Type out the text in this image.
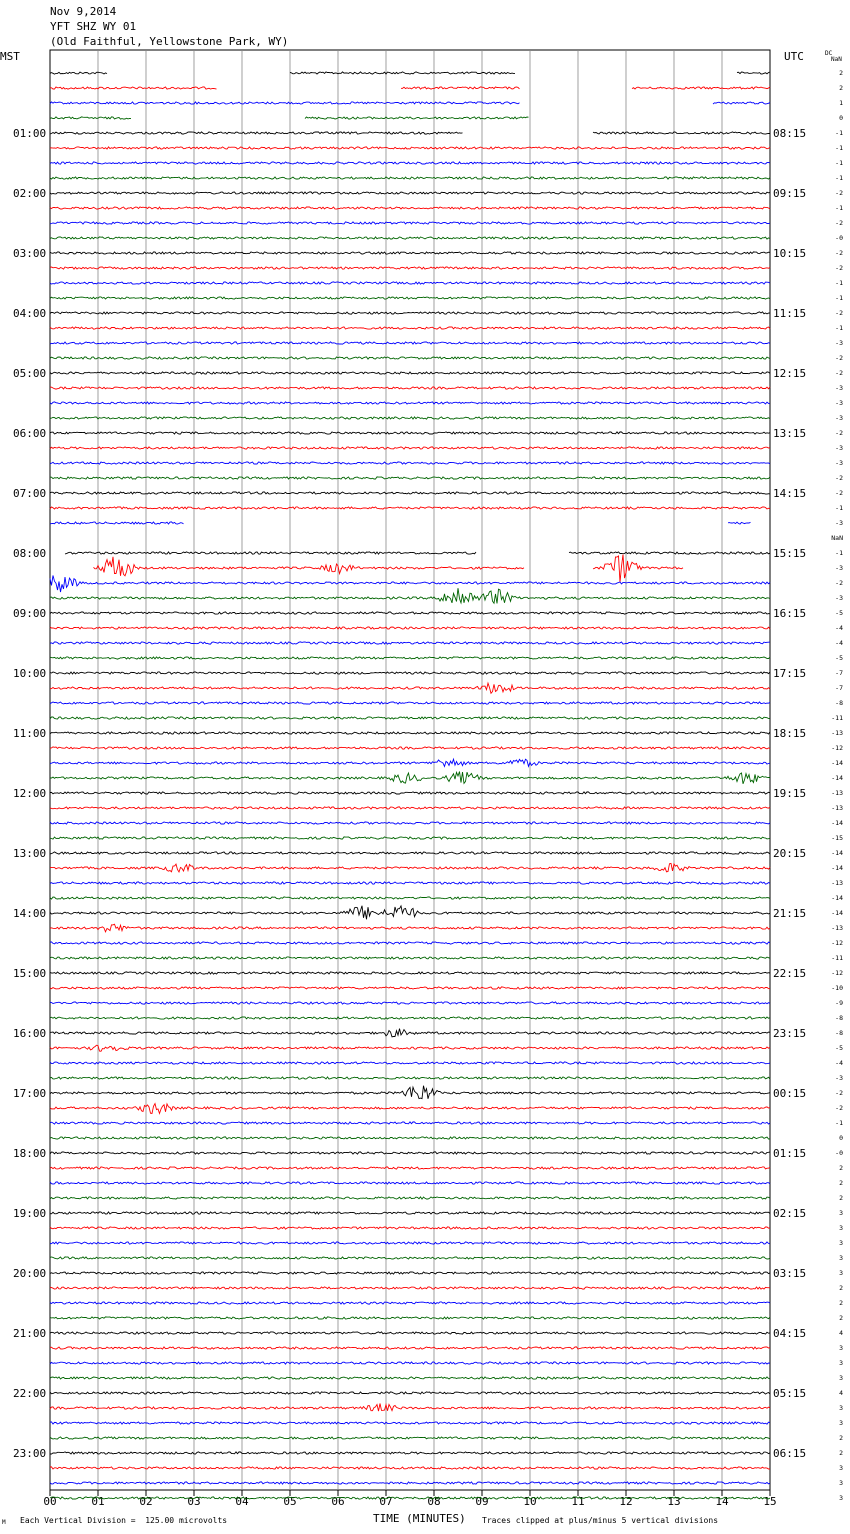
Nov 9,2014
YFT SHZ WY 01
(Old Faithful, Yellowstone Park, WY)
MST	UTC	DC
NaN
00	01	02	03	04	05	06	07	08	09	10	11	12	13	14	15
01:00	08:15
02:00	09:15
03:00	10:15
04:00	11:15
05:00	12:15
06:00	13:15
07:00	14:15
08:00	15:15
09:00	16:15
10:00	17:15
11:00	18:15
12:00	19:15
13:00	20:15
14:00	21:15
15:00	22:15
16:00	23:15
17:00	00:15
18:00	01:15
19:00	02:15
20:00	03:15
21:00	04:15
22:00	05:15
23:00	06:15
2
2
1
0
-1
-1
-1
-1
-2
-1
-2
-0
-2
-2
-1
-1
-2
-1
-3
-2
-2
-3
-3
-3
-2
-3
-3
-2
-2
-1
-3
NaN
-1
-3
-2
-3
-5
-4
-4
-5
-7
-7
-8
-11
-13
-12
-14
-14
-13
-13
-14
-15
-14
-14
-13
-14
-14
-13
-12
-11
-12
-10
-9
-8
-8
-5
-4
-3
-2
-2
-1
0
-0
2
2
2
3
3
3
3
3
2
2
2
4
3
3
3
4
3
3
2
2
3
3
3
TIME (MINUTES)
M Each Vertical Division =  125.00 microvolts	Traces clipped at plus/minus 5 vertical divisions
